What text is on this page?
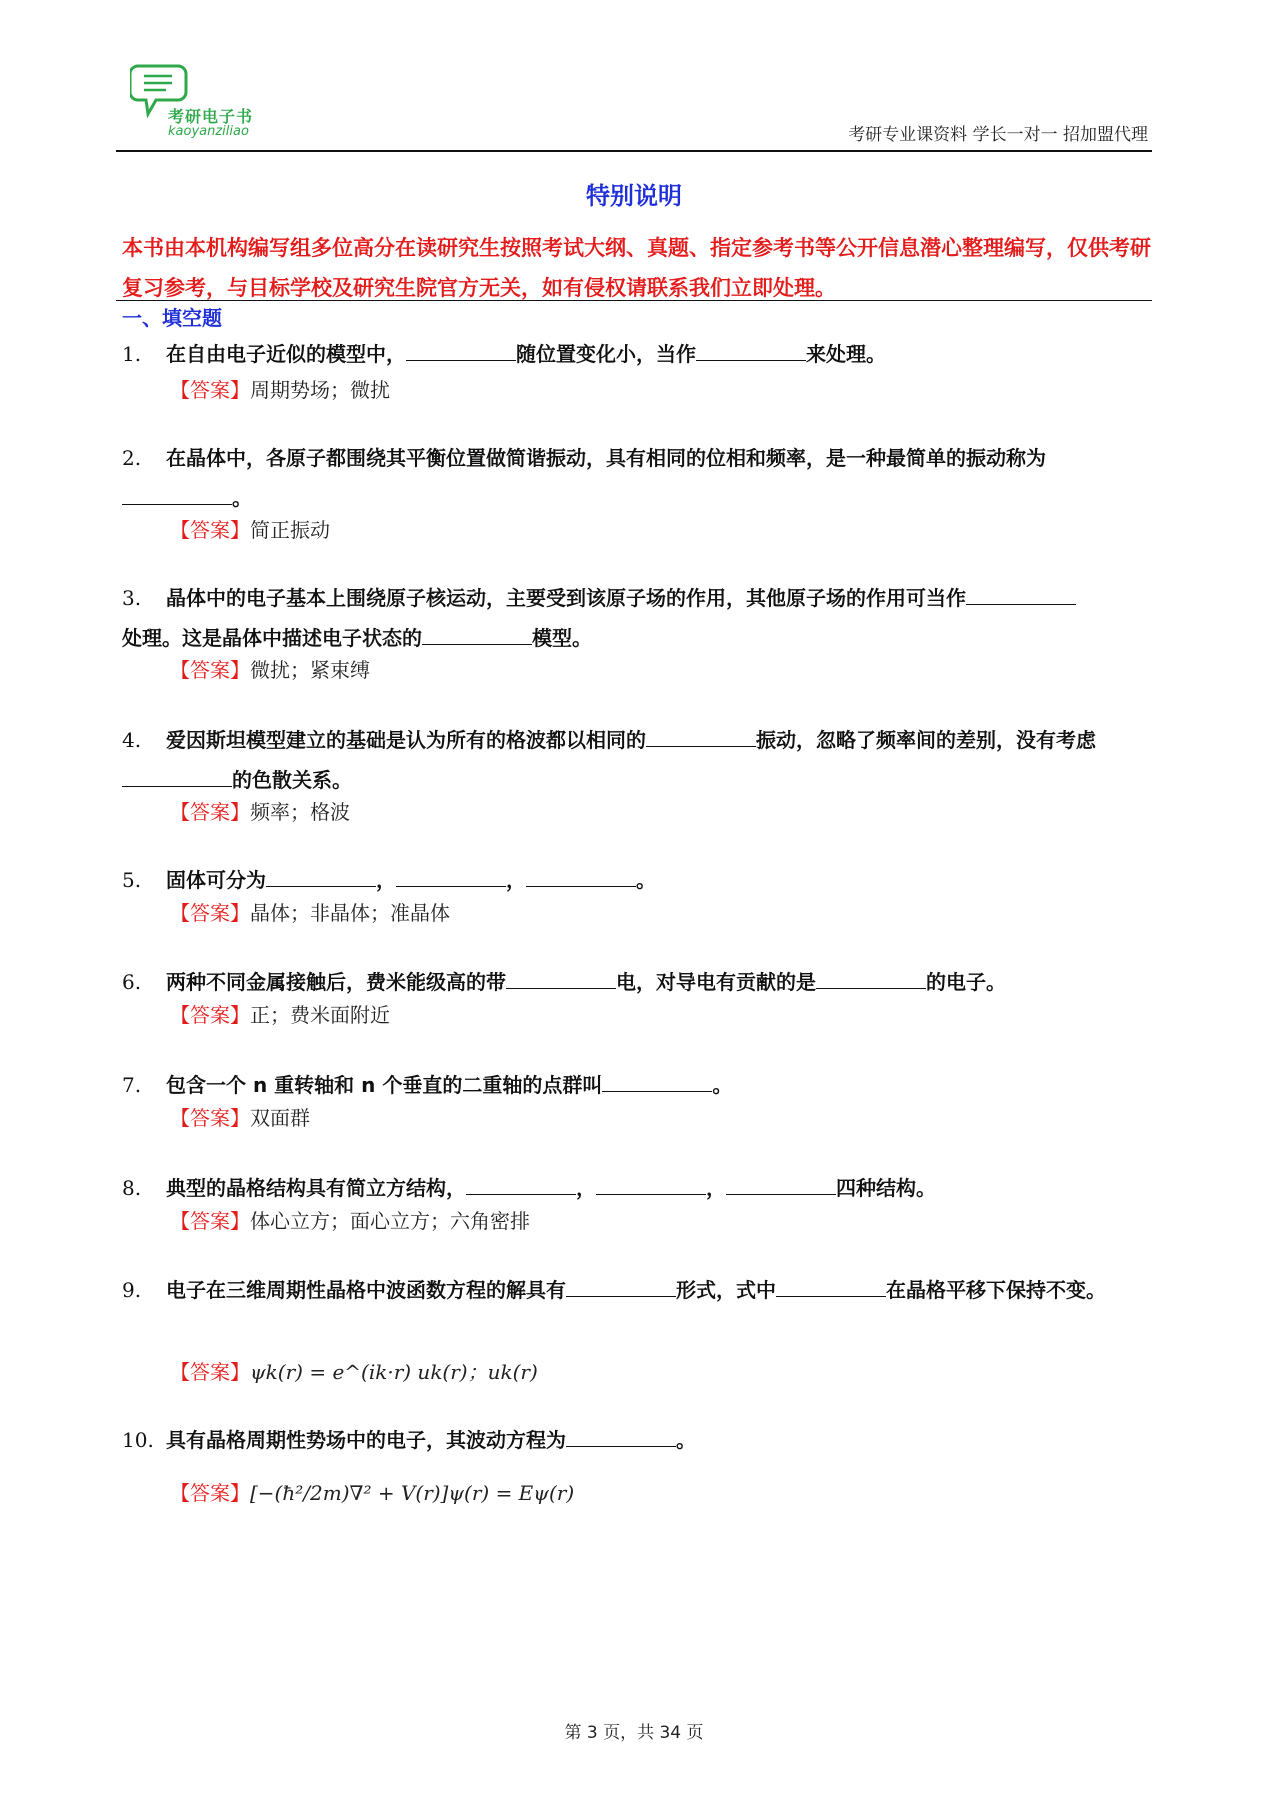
考研电子书
kaoyanziliao	考研专业课资料 学长一对一 招加盟代理
特别说明
本书由本机构编写组多位高分在读研究生按照考试大纲、真题、指定参考书等公开信息潜心整理编写，仅供考研复习参考，与目标学校及研究生院官方无关，如有侵权请联系我们立即处理。
一、填空题
1. 在自由电子近似的模型中，	随位置变化小，当作	来处理。
【答案】周期势场；微扰
2. 在晶体中，各原子都围绕其平衡位置做简谐振动，具有相同的位相和频率，是一种最简单的振动称为
。
【答案】简正振动
3. 晶体中的电子基本上围绕原子核运动，主要受到该原子场的作用，其他原子场的作用可当作
处理。这是晶体中描述电子状态的	模型。
【答案】微扰；紧束缚
4. 爱因斯坦模型建立的基础是认为所有的格波都以相同的	振动，忽略了频率间的差别，没有考虑的色散关系。
【答案】频率；格波
5. 固体可分为	，	，	。
【答案】晶体；非晶体；准晶体
6. 两种不同金属接触后，费米能级高的带	电，对导电有贡献的是	的电子。
【答案】正；费米面附近
7. 包含一个 n 重转轴和 n 个垂直的二重轴的点群叫	。
【答案】双面群
8. 典型的晶格结构具有简立方结构，	，	，	四种结构。
【答案】体心立方；面心立方；六角密排
9. 电子在三维周期性晶格中波函数方程的解具有	形式，式中	在晶格平移下保持不变。
【答案】ψk(r) = e^(ik·r) uk(r)；uk(r)
10. 具有晶格周期性势场中的电子，其波动方程为	。
【答案】[−(ħ²/2m)∇² + V(r)]ψ(r) = Eψ(r)
第 3 页，共 34 页
